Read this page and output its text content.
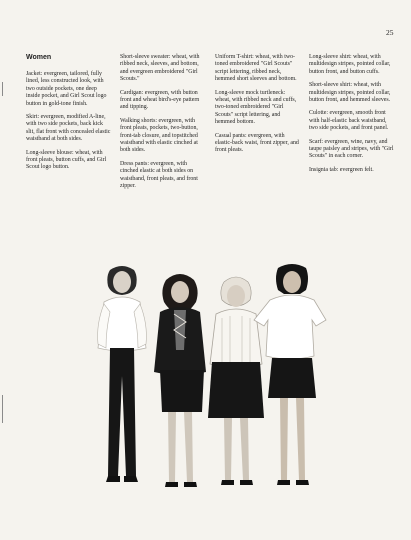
25

Women

Jacket: evergreen, tailored, fully lined, less constructed look, with two outside pockets, one deep inside pocket, and Girl Scout logo button in gold-tone finish.

Skirt: evergreen, modified A-line, with two side pockets, back kick slit, flat front with concealed elastic waistband at both sides.

Long-sleeve blouse: wheat, with front pleats, button cuffs, and Girl Scout logo button.

Short-sleeve sweater: wheat, with ribbed neck, sleeves, and bottom, and evergreen embroidered "Girl Scouts."

Cardigan: evergreen, with button front and wheat bird's-eye pattern and tipping.

Walking shorts: evergreen, with front pleats, pockets, two-button, front-tab closure, and topstitched waistband with elastic cinched at both sides.

Dress pants: evergreen, with cinched elastic at both sides on waistband, front pleats, and front zipper.

Uniform T-shirt: wheat, with two-toned embroidered "Girl Scouts" script lettering, ribbed neck, hemmed short sleeves and bottom.

Long-sleeve mock turtleneck: wheat, with ribbed neck and cuffs, two-toned embroidered "Girl Scouts" script lettering, and hemmed bottom.

Casual pants: evergreen, with elastic-back waist, front zipper, and front pleats.

Long-sleeve shirt: wheat, with multidesign stripes, pointed collar, button front, and button cuffs.

Short-sleeve shirt: wheat, with multidesign stripes, pointed collar, button front, and hemmed sleeves.

Culotte: evergreen, smooth front with half-elastic back waistband, two side pockets, and front panel.

Scarf: evergreen, wine, navy, and taupe paisley and stripes, with "Girl Scouts" in each corner.

Insignia tab: evergreen felt.
